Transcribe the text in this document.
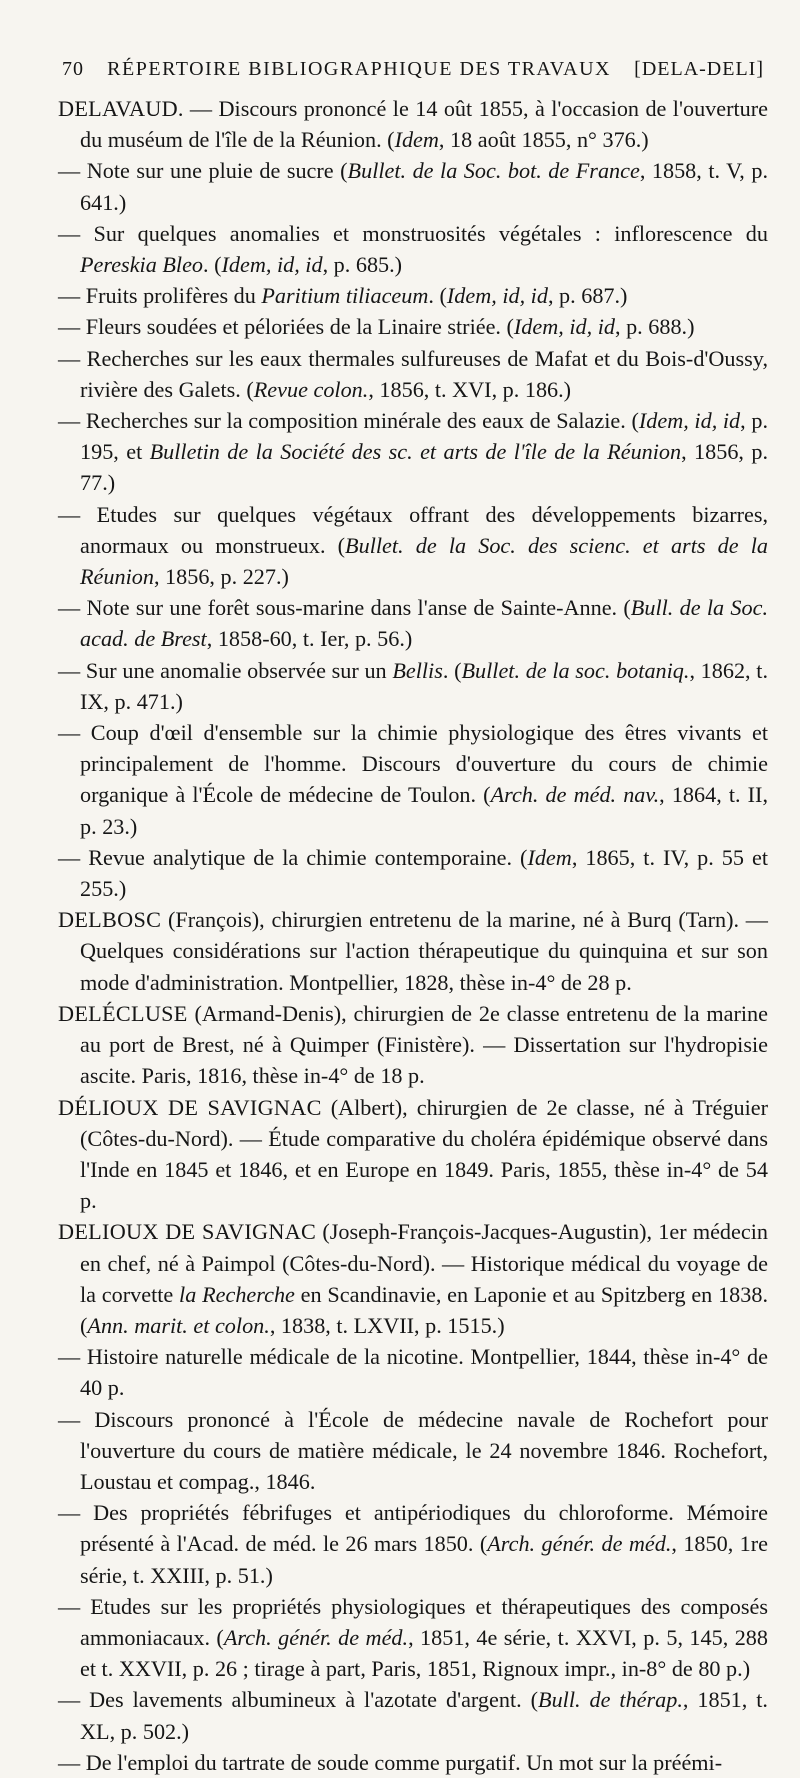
70	RÉPERTOIRE BIBLIOGRAPHIQUE DES TRAVAUX	[DELA-DELI]

DELAVAUD. — Discours prononcé le 14 oût 1855, à l'occasion de l'ouverture du muséum de l'île de la Réunion. (Idem, 18 août 1855, n° 376.)

— Note sur une pluie de sucre (Bullet. de la Soc. bot. de France, 1858, t. V, p. 641.)

— Sur quelques anomalies et monstruosités végétales : inflorescence du Pereskia Bleo. (Idem, id, id, p. 685.)

— Fruits prolifères du Paritium tiliaceum. (Idem, id, id, p. 687.)

— Fleurs soudées et péloriées de la Linaire striée. (Idem, id, id, p. 688.)

— Recherches sur les eaux thermales sulfureuses de Mafat et du Bois-d'Oussy, rivière des Galets. (Revue colon., 1856, t. XVI, p. 186.)

— Recherches sur la composition minérale des eaux de Salazie. (Idem, id, id, p. 195, et Bulletin de la Société des sc. et arts de l'île de la Réunion, 1856, p. 77.)

— Etudes sur quelques végétaux offrant des développements bizarres, anormaux ou monstrueux. (Bullet. de la Soc. des scienc. et arts de la Réunion, 1856, p. 227.)

— Note sur une forêt sous-marine dans l'anse de Sainte-Anne. (Bull. de la Soc. acad. de Brest, 1858-60, t. Ier, p. 56.)

— Sur une anomalie observée sur un Bellis. (Bullet. de la soc. botaniq., 1862, t. IX, p. 471.)

— Coup d'œil d'ensemble sur la chimie physiologique des êtres vivants et principalement de l'homme. Discours d'ouverture du cours de chimie organique à l'École de médecine de Toulon. (Arch. de méd. nav., 1864, t. II, p. 23.)

— Revue analytique de la chimie contemporaine. (Idem, 1865, t. IV, p. 55 et 255.)

DELBOSC (François), chirurgien entretenu de la marine, né à Burq (Tarn). — Quelques considérations sur l'action thérapeutique du quinquina et sur son mode d'administration. Montpellier, 1828, thèse in-4° de 28 p.

DELÉCLUSE (Armand-Denis), chirurgien de 2e classe entretenu de la marine au port de Brest, né à Quimper (Finistère). — Dissertation sur l'hydropisie ascite. Paris, 1816, thèse in-4° de 18 p.

DÉLIOUX DE SAVIGNAC (Albert), chirurgien de 2e classe, né à Tréguier (Côtes-du-Nord). — Étude comparative du choléra épidémique observé dans l'Inde en 1845 et 1846, et en Europe en 1849. Paris, 1855, thèse in-4° de 54 p.

DELIOUX DE SAVIGNAC (Joseph-François-Jacques-Augustin), 1er médecin en chef, né à Paimpol (Côtes-du-Nord). — Historique médical du voyage de la corvette la Recherche en Scandinavie, en Laponie et au Spitzberg en 1838. (Ann. marit. et colon., 1838, t. LXVII, p. 1515.)

— Histoire naturelle médicale de la nicotine. Montpellier, 1844, thèse in-4° de 40 p.

— Discours prononcé à l'École de médecine navale de Rochefort pour l'ouverture du cours de matière médicale, le 24 novembre 1846. Rochefort, Loustau et compag., 1846.

— Des propriétés fébrifuges et antipériodiques du chloroforme. Mémoire présenté à l'Acad. de méd. le 26 mars 1850. (Arch. génér. de méd., 1850, 1re série, t. XXIII, p. 51.)

— Etudes sur les propriétés physiologiques et thérapeutiques des composés ammoniacaux. (Arch. génér. de méd., 1851, 4e série, t. XXVI, p. 5, 145, 288 et t. XXVII, p. 26 ; tirage à part, Paris, 1851, Rignoux impr., in-8° de 80 p.)

— Des lavements albumineux à l'azotate d'argent. (Bull. de thérap., 1851, t. XL, p. 502.)

— De l'emploi du tartrate de soude comme purgatif. Un mot sur la préémi-
